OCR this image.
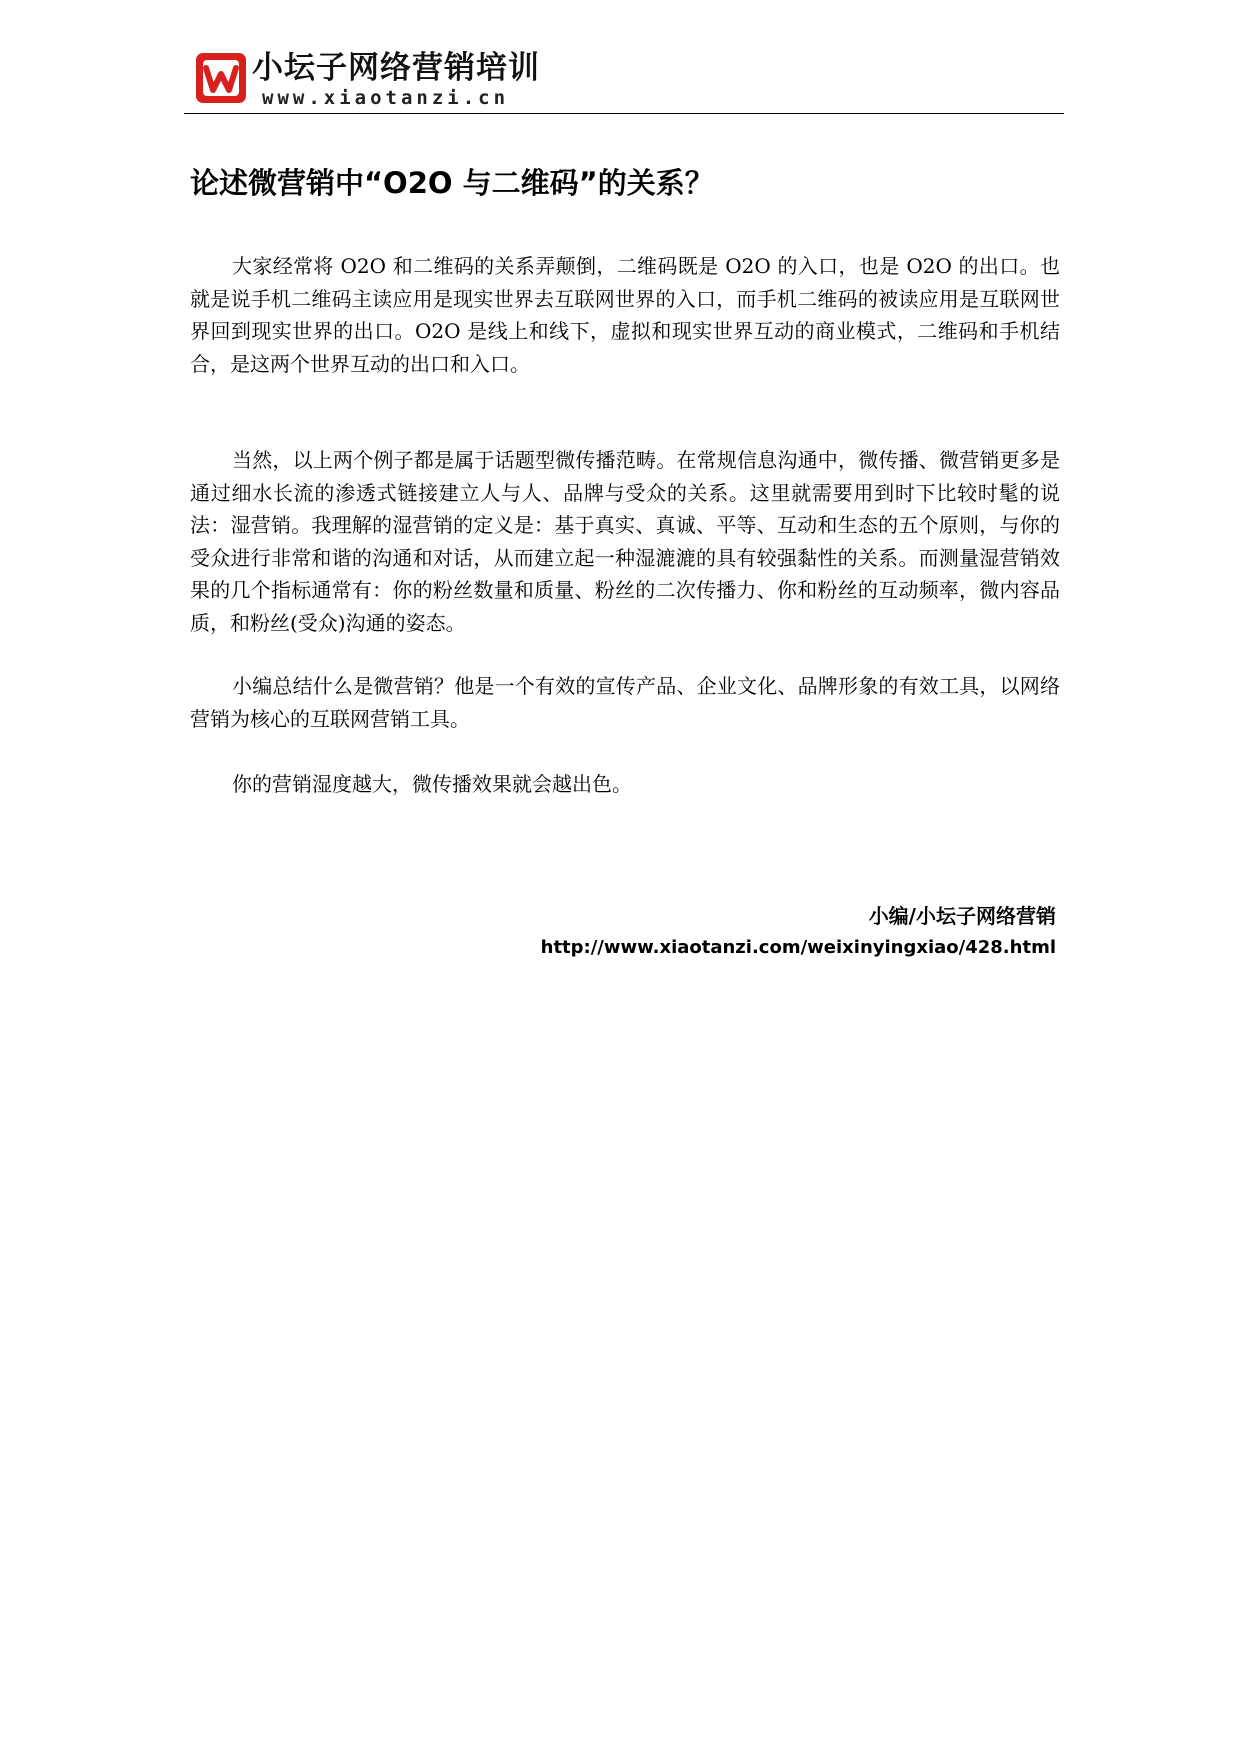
小坛子网络营销培训
www.xiaotanzi.cn
论述微营销中“O2O 与二维码”的关系？

大家经常将 O2O 和二维码的关系弄颠倒，二维码既是 O2O 的入口，也是 O2O 的出口。也就是说手机二维码主读应用是现实世界去互联网世界的入口，而手机二维码的被读应用是互联网世界回到现实世界的出口。O2O 是线上和线下，虚拟和现实世界互动的商业模式，二维码和手机结合，是这两个世界互动的出口和入口。

当然，以上两个例子都是属于话题型微传播范畴。在常规信息沟通中，微传播、微营销更多是通过细水长流的渗透式链接建立人与人、品牌与受众的关系。这里就需要用到时下比较时髦的说法：湿营销。我理解的湿营销的定义是：基于真实、真诚、平等、互动和生态的五个原则，与你的受众进行非常和谐的沟通和对话，从而建立起一种湿漉漉的具有较强黏性的关系。而测量湿营销效果的几个指标通常有：你的粉丝数量和质量、粉丝的二次传播力、你和粉丝的互动频率，微内容品质，和粉丝(受众)沟通的姿态。

小编总结什么是微营销？他是一个有效的宣传产品、企业文化、品牌形象的有效工具，以网络营销为核心的互联网营销工具。

你的营销湿度越大，微传播效果就会越出色。

小编/小坛子网络营销
http://www.xiaotanzi.com/weixinyingxiao/428.html
